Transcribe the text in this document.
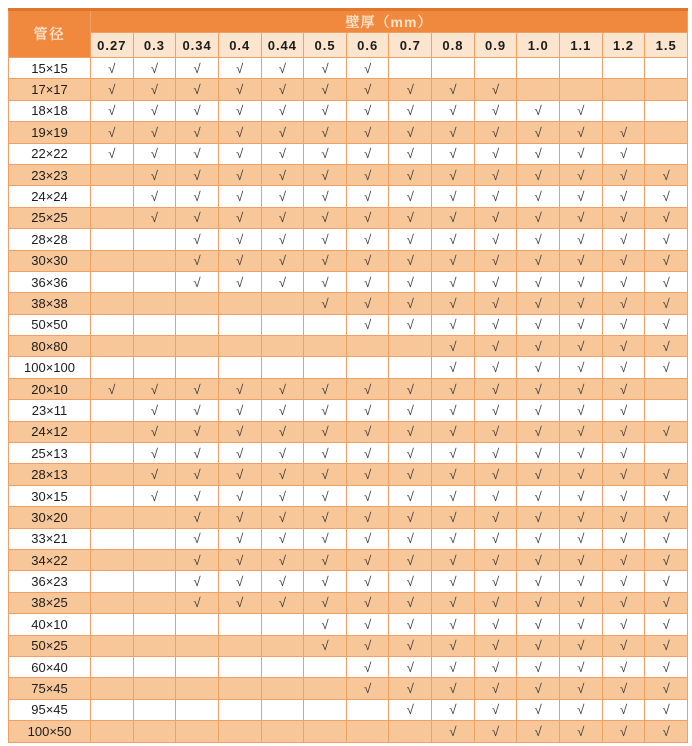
管径	壁厚（mm）													
	0.27	0.3	0.34	0.4	0.44	0.5	0.6	0.7	0.8	0.9	1.0	1.1	1.2	1.5
15×15	√	√	√	√	√	√	√							
17×17	√	√	√	√	√	√	√	√	√	√				
18×18	√	√	√	√	√	√	√	√	√	√	√	√		
19×19	√	√	√	√	√	√	√	√	√	√	√	√	√	
22×22	√	√	√	√	√	√	√	√	√	√	√	√	√	
23×23		√	√	√	√	√	√	√	√	√	√	√	√	√
24×24		√	√	√	√	√	√	√	√	√	√	√	√	√
25×25		√	√	√	√	√	√	√	√	√	√	√	√	√
28×28			√	√	√	√	√	√	√	√	√	√	√	√
30×30			√	√	√	√	√	√	√	√	√	√	√	√
36×36			√	√	√	√	√	√	√	√	√	√	√	√
38×38						√	√	√	√	√	√	√	√	√
50×50							√	√	√	√	√	√	√	√
80×80									√	√	√	√	√	√
100×100									√	√	√	√	√	√
20×10	√	√	√	√	√	√	√	√	√	√	√	√	√	
23×11		√	√	√	√	√	√	√	√	√	√	√	√	
24×12		√	√	√	√	√	√	√	√	√	√	√	√	√
25×13		√	√	√	√	√	√	√	√	√	√	√	√	
28×13		√	√	√	√	√	√	√	√	√	√	√	√	√
30×15		√	√	√	√	√	√	√	√	√	√	√	√	√
30×20			√	√	√	√	√	√	√	√	√	√	√	√
33×21			√	√	√	√	√	√	√	√	√	√	√	√
34×22			√	√	√	√	√	√	√	√	√	√	√	√
36×23			√	√	√	√	√	√	√	√	√	√	√	√
38×25			√	√	√	√	√	√	√	√	√	√	√	√
40×10						√	√	√	√	√	√	√	√	√
50×25						√	√	√	√	√	√	√	√	√
60×40							√	√	√	√	√	√	√	√
75×45							√	√	√	√	√	√	√	√
95×45								√	√	√	√	√	√	√
100×50									√	√	√	√	√	√
